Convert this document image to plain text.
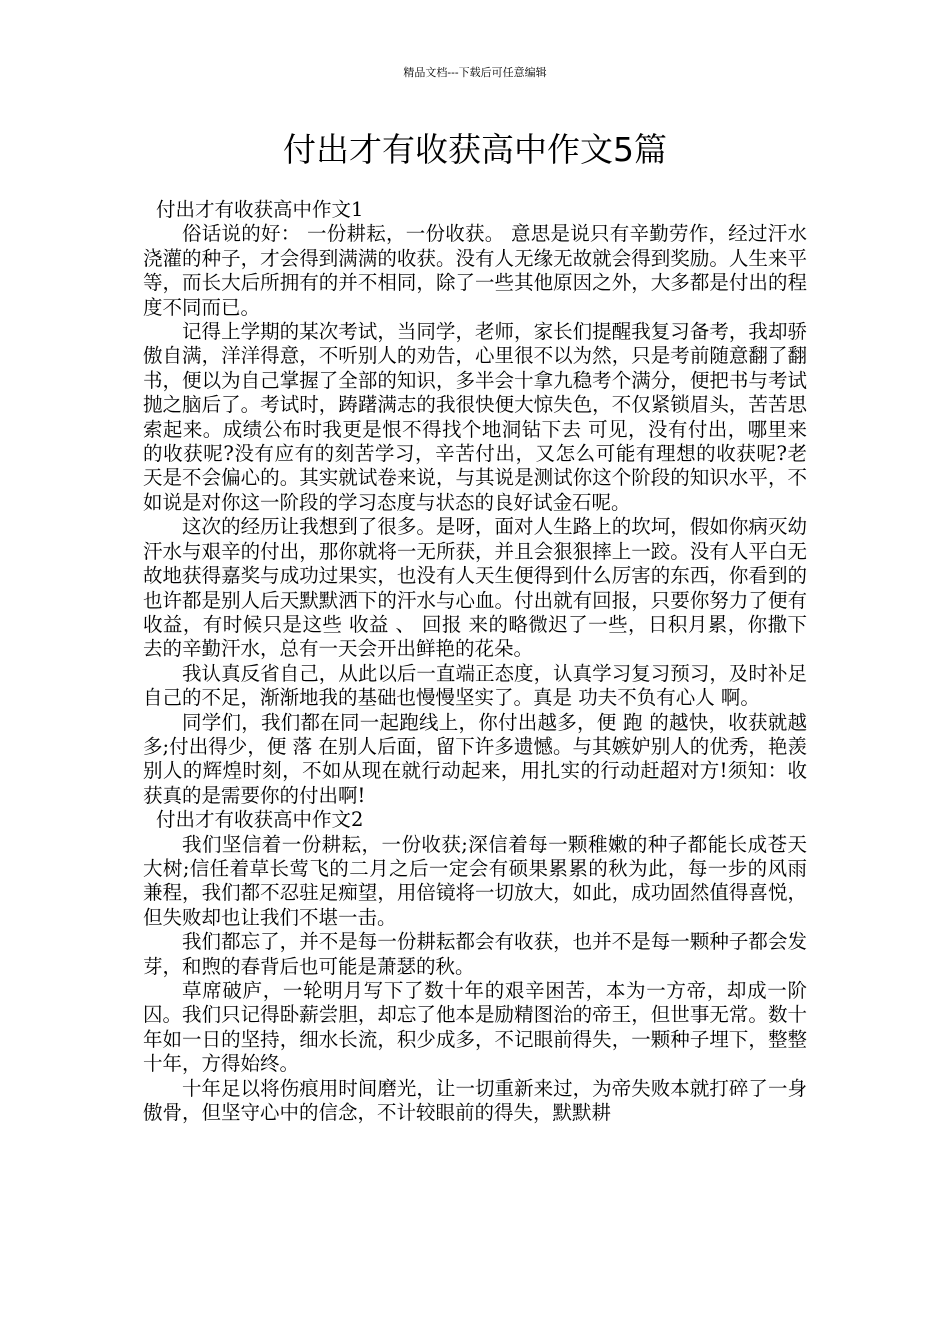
精品文档---下载后可任意编辑
付出才有收获高中作文5篇
付出才有收获高中作文1

俗话说的好： 一份耕耘，一份收获。 意思是说只有辛勤劳作，经过汗水浇灌的种子，才会得到满满的收获。没有人无缘无故就会得到奖励。人生来平等，而长大后所拥有的并不相同，除了一些其他原因之外，大多都是付出的程度不同而已。

记得上学期的某次考试，当同学，老师，家长们提醒我复习备考，我却骄傲自满，洋洋得意，不听别人的劝告，心里很不以为然，只是考前随意翻了翻书，便以为自己掌握了全部的知识，多半会十拿九稳考个满分，便把书与考试抛之脑后了。考试时，踌躇满志的我很快便大惊失色，不仅紧锁眉头，苦苦思索起来。成绩公布时我更是恨不得找个地洞钻下去 可见，没有付出，哪里来的收获呢?没有应有的刻苦学习，辛苦付出，又怎么可能有理想的收获呢?老天是不会偏心的。其实就试卷来说，与其说是测试你这个阶段的知识水平，不如说是对你这一阶段的学习态度与状态的良好试金石呢。

这次的经历让我想到了很多。是呀，面对人生路上的坎坷，假如你病灭幼汗水与艰辛的付出，那你就将一无所获，并且会狠狠摔上一跤。没有人平白无故地获得嘉奖与成功过果实，也没有人天生便得到什么厉害的东西，你看到的也许都是别人后天默默洒下的汗水与心血。付出就有回报，只要你努力了便有收益，有时候只是这些 收益 、 回报 来的略微迟了一些，日积月累，你撒下去的辛勤汗水，总有一天会开出鲜艳的花朵。

我认真反省自己，从此以后一直端正态度，认真学习复习预习，及时补足自己的不足，渐渐地我的基础也慢慢坚实了。真是 功夫不负有心人 啊。

同学们，我们都在同一起跑线上，你付出越多，便 跑 的越快，收获就越多;付出得少，便 落 在别人后面，留下许多遗憾。与其嫉妒别人的优秀，艳羡别人的辉煌时刻，不如从现在就行动起来，用扎实的行动赶超对方!须知：收获真的是需要你的付出啊!

付出才有收获高中作文2

我们坚信着一份耕耘，一份收获;深信着每一颗稚嫩的种子都能长成苍天大树;信任着草长莺飞的二月之后一定会有硕果累累的秋为此，每一步的风雨兼程，我们都不忍驻足痴望，用倍镜将一切放大，如此，成功固然值得喜悦，但失败却也让我们不堪一击。

我们都忘了，并不是每一份耕耘都会有收获，也并不是每一颗种子都会发芽，和煦的春背后也可能是萧瑟的秋。

草席破庐，一轮明月写下了数十年的艰辛困苦，本为一方帝，却成一阶囚。我们只记得卧薪尝胆，却忘了他本是励精图治的帝王，但世事无常。数十年如一日的坚持，细水长流，积少成多，不记眼前得失，一颗种子埋下，整整十年，方得始终。

十年足以将伤痕用时间磨光，让一切重新来过，为帝失败本就打碎了一身傲骨，但坚守心中的信念，不计较眼前的得失，默默耕
